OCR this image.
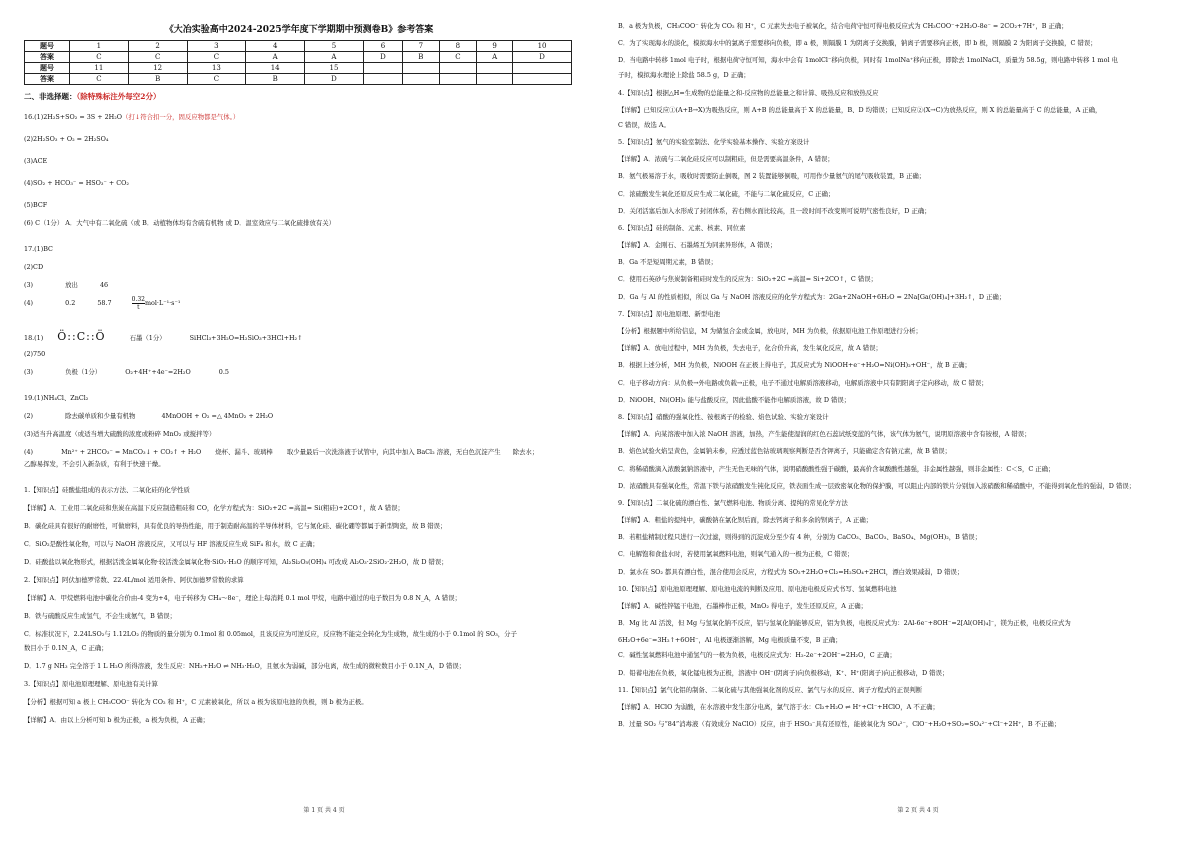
《大冶实验高中2024-2025学年度下学期期中预测卷B》参考答案
题号	1	2	3	4	5	6	7	8	9	10
答案	C	C	C	A	A	D	B	C	A	D
题号	11	12	13	14	15					
答案	C	B	C	B	D					
二、非选择题：（除特殊标注外每空2分）

16.(1)2H₂S+SO₂ = 3S + 2H₂O（打↓符合扣一分，固反应物都是气体。）

(2)2H₂SO₃ + O₂ = 2H₂SO₄

(3)ACE

(4)SO₂ + HCO₃⁻ = HSO₃⁻ + CO₂

(5)BCF

(6) C（1分） A．大气中有二氧化硫（或 B．动植物体均有含硫有机物 或 D．温室效应与二氧化硫排放有关）

17.(1)BC

(2)CD

(3)	放出	46

(4)	0.2	58.7	$\frac{0.32}{t} mol\cdot L^{-1}\cdot s^{-1}$

18.(1) Ö::C::Ö	石墨（1分）	SiHCl₃+3H₂O=H₂SiO₃+3HCl+H₂↑

(2)750

(3)	负极（1分）	O₂+4H⁺+4e⁻=2H₂O	0.5

19.(1)NH₄Cl、ZnCl₂

(2)	除去碳单质和少量有机物	4MnOOH + O₂ =△ 4MnO₂ + 2H₂O

(3)适当升高温度（或适当增大硫酸的浓度或粉碎 MnO₂ 或搅拌等）

(4)	Mn²⁺ + 2HCO₃⁻ = MnCO₃↓ + CO₂↑ + H₂O 烧杯、漏斗、玻璃棒 取少量最后一次洗涤液于试管中，向其中加入 BaCl₂ 溶液，无白色沉淀产生 除去水；

乙醇易挥发，不会引入新杂质，有利于快速干燥。

1.【知识点】硅酸盐组成的表示方法、二氧化硅的化学性质

【详解】A．工业用二氧化硅和焦炭在高温下反应制造粗硅和 CO，化学方程式为：SiO₂+2C =高温= Si(粗硅)+2CO↑，故 A 错误；

B．碳化硅具有很好的耐磨性，可做磨料，具有优良的导热性能，用于制造耐高温的半导体材料，它与氮化硅、碳化硼等都属于新型陶瓷，故 B 错误；

C．SiO₂是酸性氧化物，可以与 NaOH 溶液反应，又可以与 HF 溶液反应生成 SiF₄ 和水，故 C 正确；

D．硅酸盐以氧化物形式，根据活泼金属氧化物·较活泼金属氧化物·SiO₂·H₂O 的顺序可知，Al₂Si₂O₅(OH)₄ 可改成 Al₂O₃·2SiO₂·2H₂O，故 D 错误；

2.【知识点】阿伏加德罗常数、22.4L/mol 适用条件、阿伏加德罗常数的求算

【详解】A．甲烷燃料电池中碳化合价由-4 变为+4，电子转移为 CH₄～8e⁻，理论上每消耗 0.1 mol 甲烷，电路中通过的电子数目为 0.8 N_A，A 错误；

B．铁与硫酸反应生成氢气，不会生成氨气，B 错误；

C．标准状况下，2.24LSO₂与 1.12LO₂ 的物质的量分别为 0.1mol 和 0.05mol，且该反应为可逆反应，反应物不能完全转化为生成物，故生成的小于 0.1mol 的 SO₃，分子

数目小于 0.1N_A，C 正确；

D．1.7 g NH₃ 完全溶于 1 L H₂O 所得溶液，发生反应：NH₃+H₂O ⇌ NH₃·H₂O，且氨水为弱碱，部分电离，故生成的微粒数目小于 0.1N_A，D 错误；

3.【知识点】原电池原理理解、原电池有关计算

【分析】根据可知 a 极上 CH₃COO⁻ 转化为 CO₂ 和 H⁺，C 元素被氧化，所以 a 极为该原电池的负极，则 b 极为正极。

【详解】A．由以上分析可知 b 极为正极，a 极为负极，A 正确；

第 1 页 共 4 页

B．a 极为负极，CH₃COO⁻ 转化为 CO₂ 和 H⁺，C 元素失去电子被氧化，结合电荷守恒可得电极反应式为 CH₃COO⁻+2H₂O-8e⁻ = 2CO₂+7H⁺，B 正确；

C．为了实现海水的淡化，模拟海水中的氯离子需要移向负极，即 a 极，则隔膜 1 为阴离子交换膜，钠离子需要移向正极，即 b 极，则隔膜 2 为阳离子交换膜，C 错误；

D．当电路中转移 1mol 电子时，根据电荷守恒可知，海水中会有 1molCl⁻移向负极，同时有 1molNa⁺移向正极，即除去 1molNaCl，质量为 58.5g，则电路中转移 1 mol 电

子时，模拟海水理论上除盐 58.5 g，D 正确；

4.【知识点】根据△H=生成物的总能量之和-反应物的总能量之和计算、吸热反应和放热反应

【详解】已知反应①(A+B→X)为吸热反应，则 A+B 的总能量高于 X 的总能量，B、D 均错误；已知反应②(X→C)为放热反应，则 X 的总能量高于 C 的总能量，A 正确，

C 错误，故选 A。

5.【知识点】氨气的实验室制法、化学实验基本操作、实验方案设计

【详解】A．浓硫与二氧化硅反应可以制粗硅，但是需要高温条件，A 错误；

B．氨气极易溶于水，吸收时需要防止倒吸，图 2 装置能够倒吸，可用作少量氨气的尾气吸收装置，B 正确；

C．浓硫酸发生氧化还原反应生成二氧化硫，不能与二氧化硫反应，C 正确；

D．关闭活塞后加入水形成了封闭体系，若右侧水面比较高，且一段时间不改变则可说明气密性良好，D 正确；

6.【知识点】硅的制备、元素、核素、同位素

【详解】A．金刚石、石墨烯互为同素异形体，A 错误；

B．Ga 不是短周期元素，B 错误；

C．使用石英砂与焦炭制备粗硅时发生的反应为：SiO₂+2C =高温= Si+2CO↑，C 错误；

D．Ga 与 Al 的性质相似，所以 Ga 与 NaOH 溶液反应的化学方程式为：2Ga+2NaOH+6H₂O = 2Na[Ga(OH)₄]+3H₂↑，D 正确；

7.【知识点】原电池原理、新型电池

【分析】根据题中所给信息，M 为储氢合金或金属，放电时，MH 为负极，依据原电池工作原理进行分析；

【详解】A．放电过程中，MH 为负极，失去电子，化合价升高，发生氧化反应，故 A 错误；

B．根据上述分析，MH 为负极，NiOOH 在正极上得电子，其反应式为 NiOOH+e⁻+H₂O=Ni(OH)₂+OH⁻，故 B 正确；

C．电子移动方向：从负极→外电路或负载→正极，电子不通过电解质溶液移动，电解质溶液中只有阴阳离子定向移动，故 C 错误；

D．NiOOH、Ni(OH)₂ 能与盐酸反应，因此盐酸不能作电解质溶液，故 D 错误；

8.【知识点】硝酸的强氧化性、铵根离子的检验、焰色试验、实验方案设计

【详解】A．向某溶液中加入浓 NaOH 溶液，加热，产生能使湿润的红色石蕊试纸变蓝的气体，该气体为氨气，说明原溶液中含有铵根，A 错误；

B．焰色试验火焰呈黄色，金属钠未参，应透过蓝色钴玻璃观察判断是否含钾离子，只能确定含有钠元素，故 B 错误；

C．将稀硝酸滴入浓酸氯钠溶液中，产生无色无味的气体，说明硝酸酸性强于碳酸，最高价含氧酸酸性越强，非金属性越强，则非金属性：C＜S，C 正确；

D．浓硝酸具有强氧化性，常温下铁与浓硝酸发生钝化反应，铁表面生成一层致密氧化物的保护膜，可以阻止内部的铁片分别加入浓硝酸和稀硝酸中，不能得到氧化性的强弱，D 错误；

9.【知识点】二氧化硫的漂白性、氯气燃料电池、物质分离、提纯的常见化学方法

【详解】A．粗盐的提纯中，碳酸钠在氯化钡后面，除去钙离子和多余的钡离子，A 正确；

B．若粗盐精制过程只进行一次过滤，则得到的沉淀成分至少有 4 种，分别为 CaCO₃、BaCO₃、BaSO₄、Mg(OH)₂，B 错误；

C．电解饱和食盐水时，若使用氯氧燃料电池，则氧气通入的一极为正极，C 错误；

D．氯水在 SO₂ 都具有漂白性，混合使用会反应，方程式为 SO₂+2H₂O+Cl₂=H₂SO₄+2HCl，漂白效果减弱，D 错误；

10.【知识点】原电池原理理解、原电池电流的判断及应用、原电池电极反应式书写、氢氧燃料电池

【详解】A．碱性锌锰干电池，石墨棒作正极，MnO₂ 得电子，发生还原反应，A 正确；

B．Mg 比 Al 活泼，但 Mg 与氢氧化钠不反应，铝与氢氧化钠能够反应，铝为负极，电极反应式为：2Al-6e⁻+8OH⁻=2[Al(OH)₄]⁻，镁为正极，电极反应式为

6H₂O+6e⁻=3H₂↑+6OH⁻，Al 电极逐渐溶解，Mg 电极质量不变，B 正确；

C．碱性氢氧燃料电池中通氢气的一极为负极，电极反应式为：H₂-2e⁻+2OH⁻=2H₂O，C 正确；

D．铅蓄电池在负极，氧化锰电极为正极，溶液中 OH⁻(阴离子)向负极移动，K⁺、H⁺(阳离子)向正极移动，D 错误；

11.【知识点】氯气化铝的制备、二氧化硫与其他强氧化剂的反应、氯气与水的反应、离子方程式的正误判断

【详解】A．HClO 为弱酸，在水溶液中发生部分电离，氯气溶于水：Cl₂+H₂O ⇌ H⁺+Cl⁻+HClO，A 不正确；

B．过量 SO₂ 与“84”消毒液（有效成分 NaClO）反应，由于 HSO₃⁻具有还原性，能被氧化为 SO₄²⁻，ClO⁻+H₂O+SO₂=SO₄²⁻+Cl⁻+2H⁺，B 不正确；

第 2 页 共 4 页
